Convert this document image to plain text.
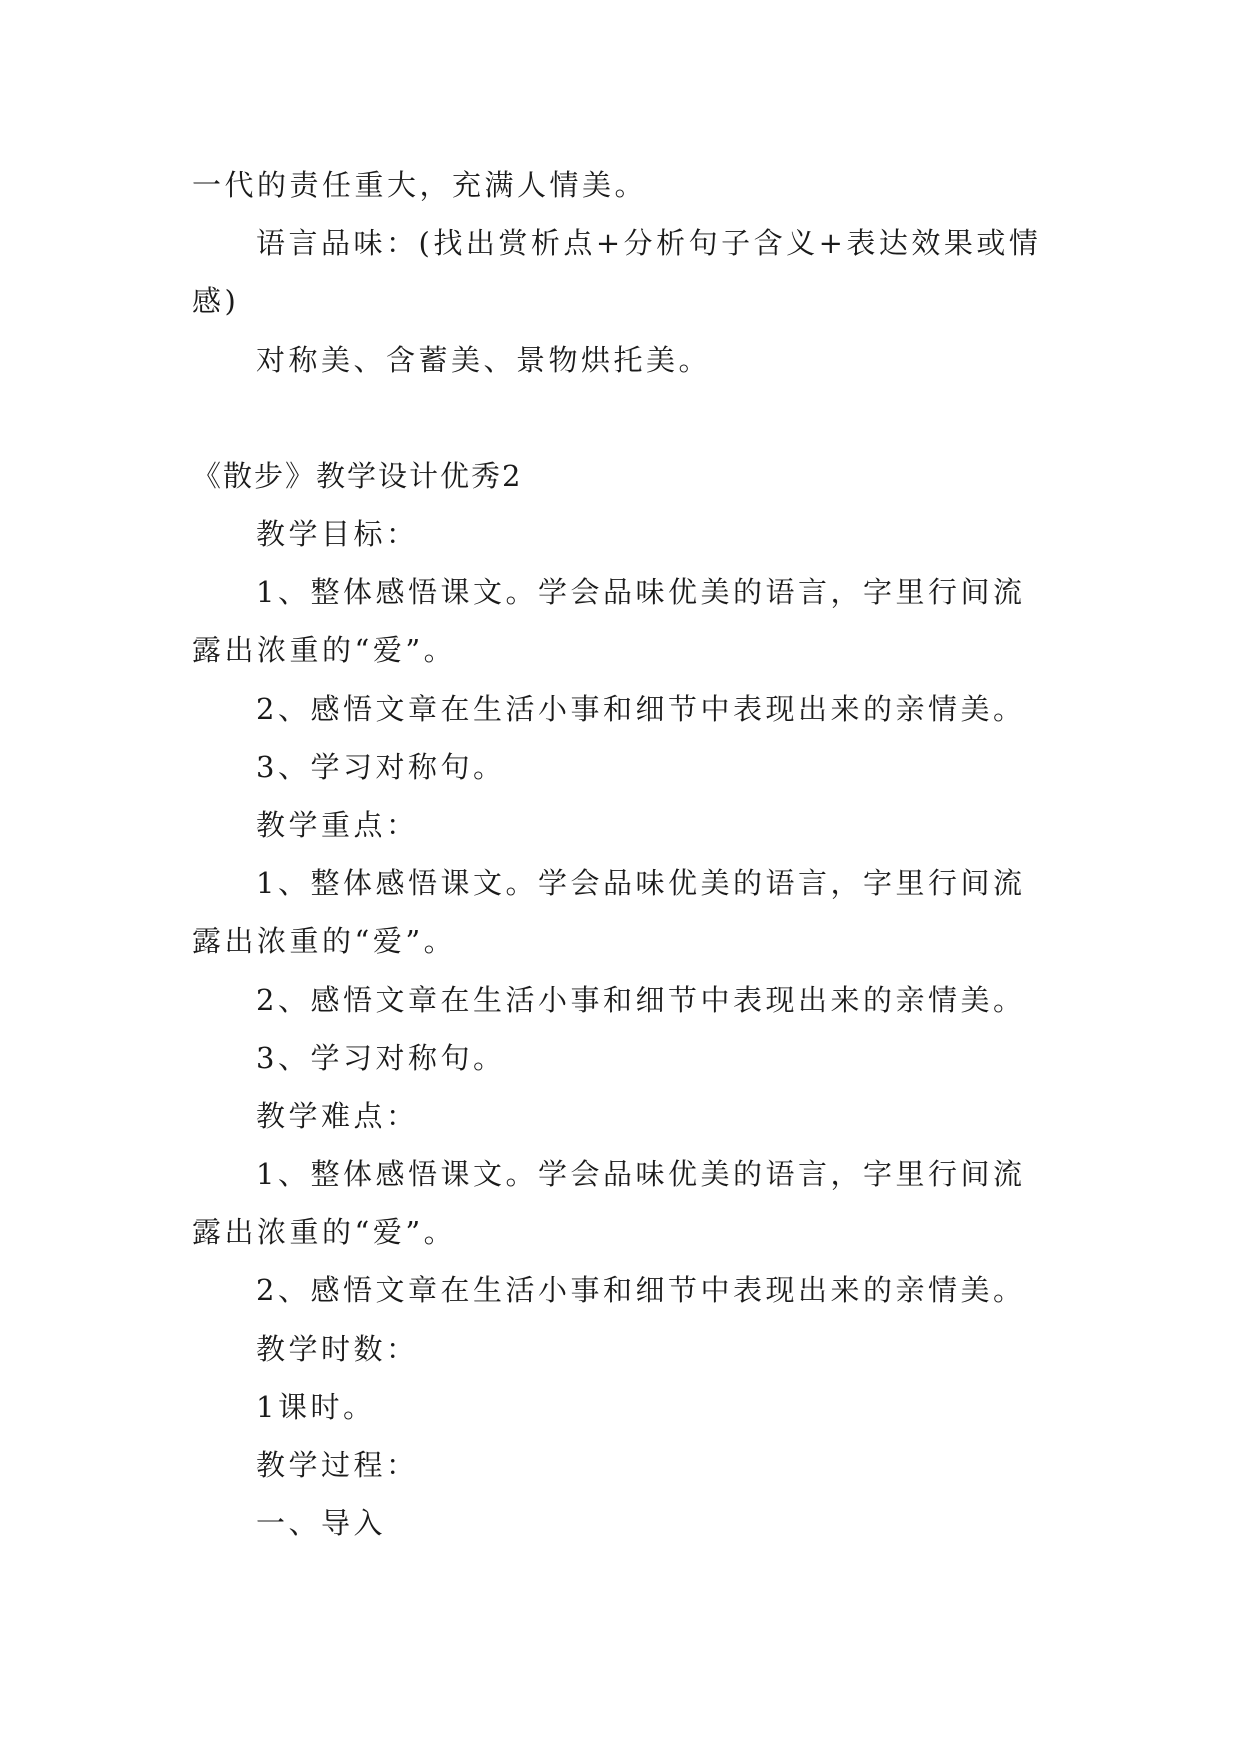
一代的责任重大，充满人情美。

语言品味：(找出赏析点+分析句子含义+表达效果或情

感)

对称美、含蓄美、景物烘托美。

《散步》教学设计优秀2

教学目标：

1、整体感悟课文。学会品味优美的语言，字里行间流

露出浓重的“爱”。

2、感悟文章在生活小事和细节中表现出来的亲情美。

3、学习对称句。

教学重点：

1、整体感悟课文。学会品味优美的语言，字里行间流

露出浓重的“爱”。

2、感悟文章在生活小事和细节中表现出来的亲情美。

3、学习对称句。

教学难点：

1、整体感悟课文。学会品味优美的语言，字里行间流

露出浓重的“爱”。

2、感悟文章在生活小事和细节中表现出来的亲情美。

教学时数：

1课时。

教学过程：

一、导入
